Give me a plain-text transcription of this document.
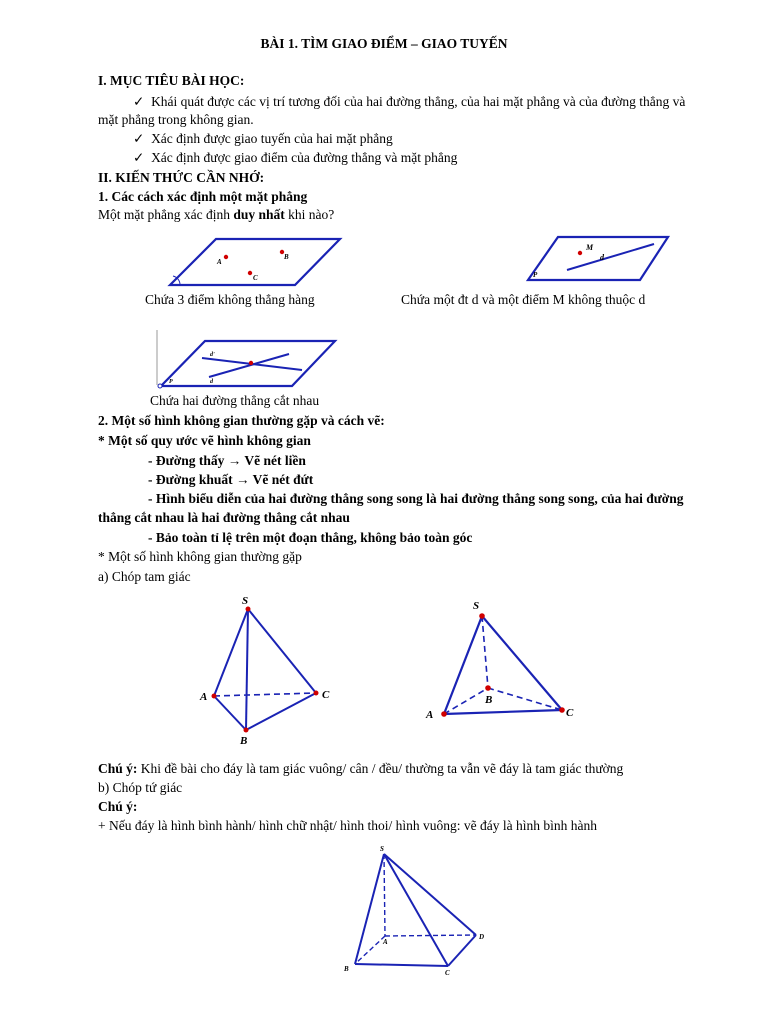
BÀI 1. TÌM GIAO ĐIỂM – GIAO TUYẾN
I. MỤC TIÊU BÀI HỌC:
✓ Khái quát được các vị trí tương đối của hai đường thẳng, của hai mặt phẳng và của đường thẳng và
mặt phẳng trong không gian.
✓ Xác định được giao tuyến của hai mặt phẳng
✓ Xác định được giao điểm của đường thẳng và mặt phẳng
II. KIẾN THỨC CẦN NHỚ:
1. Các cách xác định một mặt phẳng
Một mặt phẳng xác định duy nhất khi nào?
A
B
C
M
d
P
Chứa 3 điểm không thẳng hàng	Chứa một đt d và một điểm M không thuộc d
d'
d
P
Chứa hai đường thẳng cắt nhau
2. Một số hình không gian thường gặp và cách vẽ:
* Một số quy ước vẽ hình không gian
- Đường thấy → Vẽ nét liền
- Đường khuất → Vẽ nét đứt
- Hình biểu diễn của hai đường thẳng song song là hai đường thẳng song song, của hai đường
thẳng cắt nhau là hai đường thẳng cắt nhau
- Bảo toàn tỉ lệ trên một đoạn thẳng, không bảo toàn góc
* Một số hình không gian thường gặp
a) Chóp tam giác
S
A	C
B
S
A	C
B
Chú ý: Khi đề bài cho đáy là tam giác vuông/ cân / đều/ thường ta vẫn vẽ đáy là tam giác thường
b) Chóp tứ giác
Chú ý:
+ Nếu đáy là hình bình hành/ hình chữ nhật/ hình thoi/ hình vuông: vẽ đáy là hình bình hành
S
A
B	C
D
